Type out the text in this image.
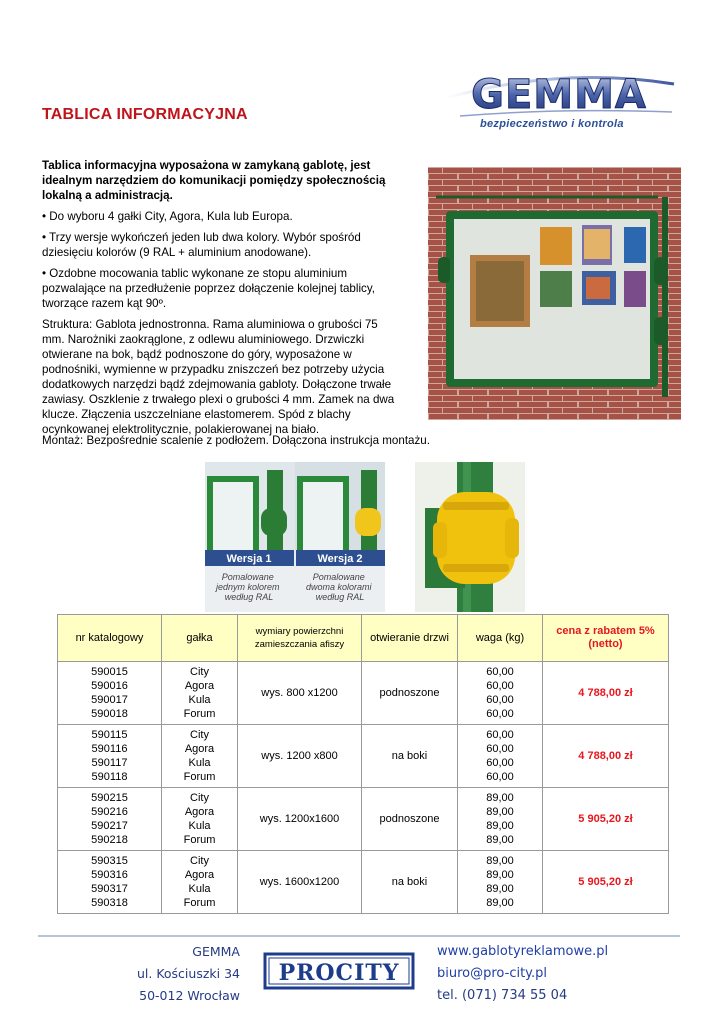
TABLICA INFORMACYJNA	GEMMA
bezpieczeństwo i kontrola

Tablica informacyjna wyposażona w zamykaną gablotę, jest idealnym narzędziem do komunikacji pomiędzy społecznością lokalną a administracją.

• Do wyboru 4 gałki City, Agora, Kula lub Europa.

• Trzy wersje wykończeń jeden lub dwa kolory. Wybór spośród dziesięciu kolorów (9 RAL + aluminium anodowane).

• Ozdobne mocowania tablic wykonane ze stopu aluminium pozwalające na przedłużenie poprzez dołączenie kolejnej tablicy, tworzące razem kąt 90º.

Struktura: Gablota jednostronna. Rama aluminiowa o grubości 75 mm. Narożniki zaokrąglone, z odlewu aluminiowego. Drzwiczki otwierane na bok, bądź podnoszone do góry, wyposażone w podnośniki, wymienne w przypadku zniszczeń bez potrzeby użycia dodatkowych narzędzi bądź zdejmowania gabloty. Dołączone trwałe zawiasy. Oszklenie z trwałego plexi o grubości 4 mm. Zamek na dwa klucze. Złączenia uszczelniane elastomerem. Spód z blachy ocynkowanej elektrolitycznie, polakierowanej na biało.

Montaż: Bezpośrednie scalenie z podłożem. Dołączona instrukcja montażu.
Wersja 1	Wersja 2
Pomalowane jednym kolorem według RAL
Pomalowane dwoma kolorami według RAL
nr katalogowy	gałka	wymiary powierzchni zamieszczania afiszy	otwieranie drzwi	waga (kg)	cena z rabatem 5% (netto)

590015
590016
590017
590018	City
Agora
Kula
Forum	wys. 800 x1200	podnoszone	60,00
60,00
60,00
60,00	4 788,00 zł

590115
590116
590117
590118	City
Agora
Kula
Forum	wys. 1200 x800	na boki	60,00
60,00
60,00
60,00	4 788,00 zł

590215
590216
590217
590218	City
Agora
Kula
Forum	wys. 1200x1600	podnoszone	89,00
89,00
89,00
89,00	5 905,20 zł

590315
590316
590317
590318	City
Agora
Kula
Forum	wys. 1600x1200	na boki	89,00
89,00
89,00
89,00	5 905,20 zł
GEMMA
ul. Kościuszki 34
50-012 Wrocław
PROCITY
www.gablotyreklamowe.pl
biuro@pro-city.pl
tel. (071) 734 55 04
